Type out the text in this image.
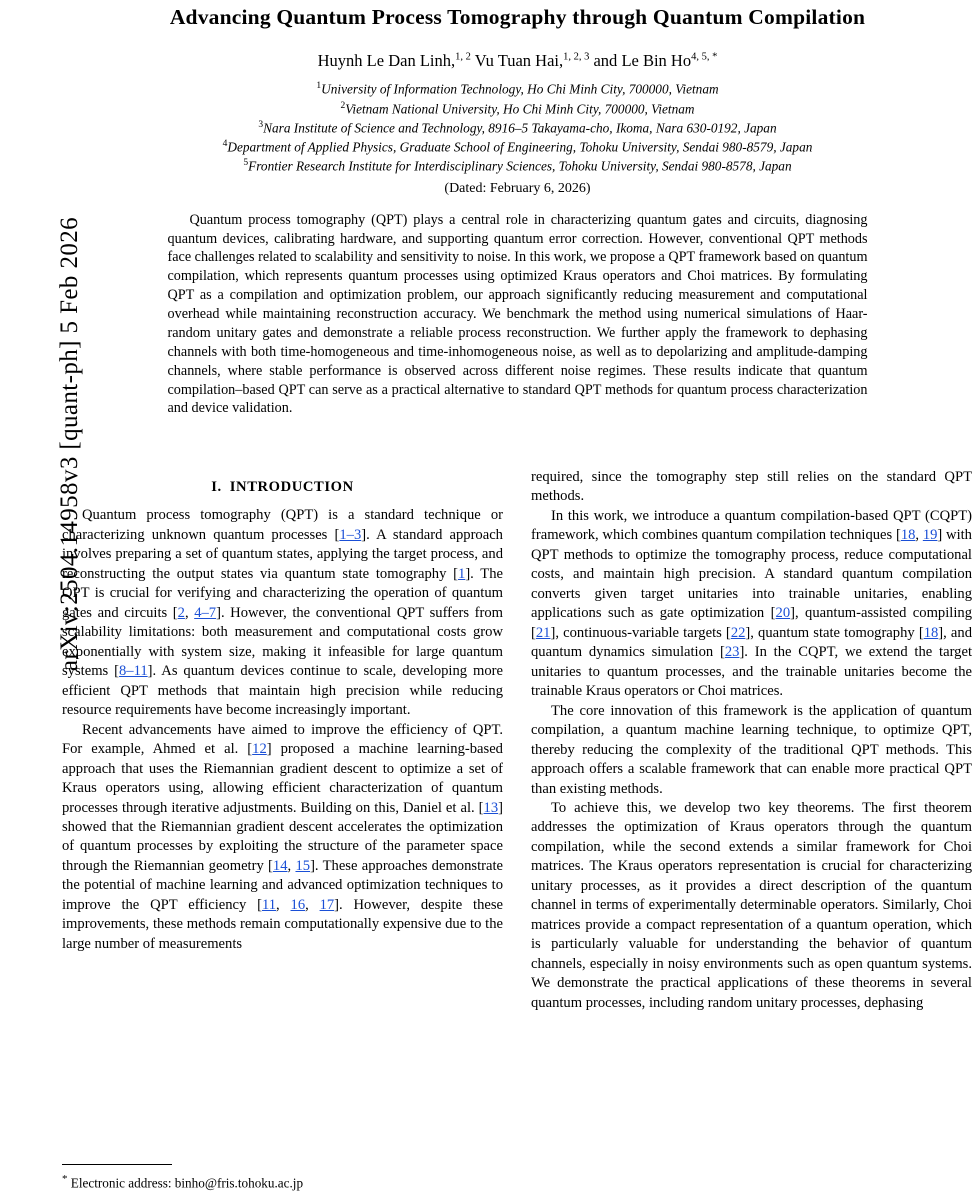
arXiv:2504.14958v3 [quant-ph] 5 Feb 2026
Advancing Quantum Process Tomography through Quantum Compilation
Huynh Le Dan Linh,$^{1, 2}$ Vu Tuan Hai,$^{1, 2, 3}$ and Le Bin $Ho^{4, 5, *}$
$^1$University of Information Technology, Ho Chi Minh City, 700000, Vietnam
$^2$Vietnam National University, Ho Chi Minh City, 700000, Vietnam
$^3$Nara Institute of Science and Technology, 8916–5 Takayama-cho, Ikoma, Nara 630-0192, Japan
$^4$Department of Applied Physics, Graduate School of Engineering, Tohoku University, Sendai 980-8579, Japan
$^5$Frontier Research Institute for Interdisciplinary Sciences, Tohoku University, Sendai 980-8578, Japan
(Dated: February 6, 2026)
Quantum process tomography (QPT) plays a central role in characterizing quantum gates and circuits, diagnosing quantum devices, calibrating hardware, and supporting quantum error correction. However, conventional QPT methods face challenges related to scalability and sensitivity to noise. In this work, we propose a QPT framework based on quantum compilation, which represents quantum processes using optimized Kraus operators and Choi matrices. By formulating QPT as a compilation and optimization problem, our approach significantly reducing measurement and computational overhead while maintaining reconstruction accuracy. We benchmark the method using numerical simulations of Haar-random unitary gates and demonstrate a reliable process reconstruction. We further apply the framework to dephasing channels with both time-homogeneous and time-inhomogeneous noise, as well as to depolarizing and amplitude-damping channels, where stable performance is observed across different noise regimes. These results indicate that quantum compilation–based QPT can serve as a practical alternative to standard QPT methods for quantum process characterization and device validation.
I. INTRODUCTION

Quantum process tomography (QPT) is a standard technique or characterizing unknown quantum processes [1–3]. A standard approach involves preparing a set of quantum states, applying the target process, and reconstructing the output states via quantum state tomography [1]. The QPT is crucial for verifying and characterizing the operation of quantum gates and circuits [2, 4–7]. However, the conventional QPT suffers from scalability limitations: both measurement and computational costs grow exponentially with system size, making it infeasible for large quantum systems [8–11]. As quantum devices continue to scale, developing more efficient QPT methods that maintain high precision while reducing resource requirements have become increasingly important.

Recent advancements have aimed to improve the efficiency of QPT. For example, Ahmed et al. [12] proposed a machine learning-based approach that uses the Riemannian gradient descent to optimize a set of Kraus operators using, allowing efficient characterization of quantum processes through iterative adjustments. Building on this, Daniel et al. [13] showed that the Riemannian gradient descent accelerates the optimization of quantum processes by exploiting the structure of the parameter space through the Riemannian geometry [14, 15]. These approaches demonstrate the potential of machine learning and advanced optimization techniques to improve the QPT efficiency [11, 16, 17]. However, despite these improvements, these methods remain computationally expensive due to the large number of measurements

* Electronic address: binho@fris.tohoku.ac.jp

required, since the tomography step still relies on the standard QPT methods.

In this work, we introduce a quantum compilation-based QPT (CQPT) framework, which combines quantum compilation techniques [18, 19] with QPT methods to optimize the tomography process, reduce computational costs, and maintain high precision. A standard quantum compilation converts given target unitaries into trainable unitaries, enabling applications such as gate optimization [20], quantum-assisted compiling [21], continuous-variable targets [22], quantum state tomography [18], and quantum dynamics simulation [23]. In the CQPT, we extend the target unitaries to quantum processes, and the trainable unitaries become the trainable Kraus operators or Choi matrices.

The core innovation of this framework is the application of quantum compilation, a quantum machine learning technique, to optimize QPT, thereby reducing the complexity of the traditional QPT methods. This approach offers a scalable framework that can enable more practical QPT than existing methods.

To achieve this, we develop two key theorems. The first theorem addresses the optimization of Kraus operators through the quantum compilation, while the second extends a similar framework for Choi matrices. The Kraus operators representation is crucial for characterizing unitary processes, as it provides a direct description of the quantum channel in terms of experimentally determinable operators. Similarly, Choi matrices provide a compact representation of a quantum operation, which is particularly valuable for understanding the behavior of quantum channels, especially in noisy environments such as open quantum systems. We demonstrate the practical applications of these theorems in several quantum processes, including random unitary processes, dephasing
